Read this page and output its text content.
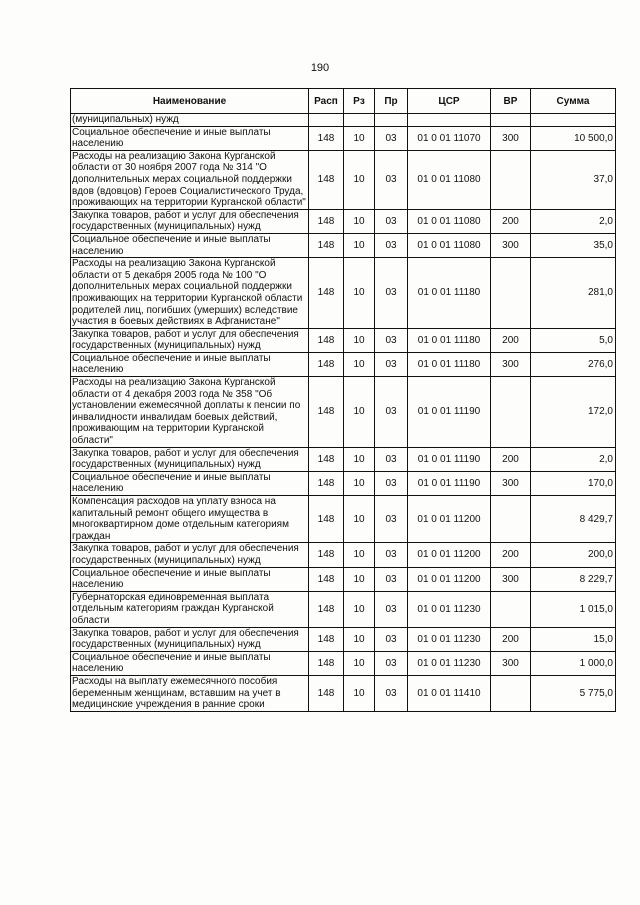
190
Наименование	Расп	Рз	Пр	ЦСР	ВР	Сумма
(муниципальных) нужд						
Социальное обеспечение и иные выплаты населению	148	10	03	01 0 01 11070	300	10 500,0
Расходы на реализацию Закона Курганской области от 30 ноября 2007 года № 314 "О дополнительных мерах социальной поддержки вдов (вдовцов) Героев Социалистического Труда, проживающих на территории Курганской области"	148	10	03	01 0 01 11080		37,0
Закупка товаров, работ и услуг для обеспечения государственных (муниципальных) нужд	148	10	03	01 0 01 11080	200	2,0
Социальное обеспечение и иные выплаты населению	148	10	03	01 0 01 11080	300	35,0
Расходы на реализацию Закона Курганской области от 5 декабря 2005 года № 100 "О дополнительных мерах социальной поддержки проживающих на территории Курганской области родителей лиц, погибших (умерших) вследствие участия в боевых действиях в Афганистане"	148	10	03	01 0 01 11180		281,0
Закупка товаров, работ и услуг для обеспечения государственных (муниципальных) нужд	148	10	03	01 0 01 11180	200	5,0
Социальное обеспечение и иные выплаты населению	148	10	03	01 0 01 11180	300	276,0
Расходы на реализацию Закона Курганской области от 4 декабря 2003 года № 358 "Об установлении ежемесячной доплаты к пенсии по инвалидности инвалидам боевых действий, проживающим на территории Курганской области"	148	10	03	01 0 01 11190		172,0
Закупка товаров, работ и услуг для обеспечения государственных (муниципальных) нужд	148	10	03	01 0 01 11190	200	2,0
Социальное обеспечение и иные выплаты населению	148	10	03	01 0 01 11190	300	170,0
Компенсация расходов на уплату взноса на капитальный ремонт общего имущества в многоквартирном доме отдельным категориям граждан	148	10	03	01 0 01 11200		8 429,7
Закупка товаров, работ и услуг для обеспечения государственных (муниципальных) нужд	148	10	03	01 0 01 11200	200	200,0
Социальное обеспечение и иные выплаты населению	148	10	03	01 0 01 11200	300	8 229,7
Губернаторская единовременная выплата отдельным категориям граждан Курганской области	148	10	03	01 0 01 11230		1 015,0
Закупка товаров, работ и услуг для обеспечения государственных (муниципальных) нужд	148	10	03	01 0 01 11230	200	15,0
Социальное обеспечение и иные выплаты населению	148	10	03	01 0 01 11230	300	1 000,0
Расходы на выплату ежемесячного пособия беременным женщинам, вставшим на учет в медицинские учреждения в ранние сроки	148	10	03	01 0 01 11410		5 775,0
